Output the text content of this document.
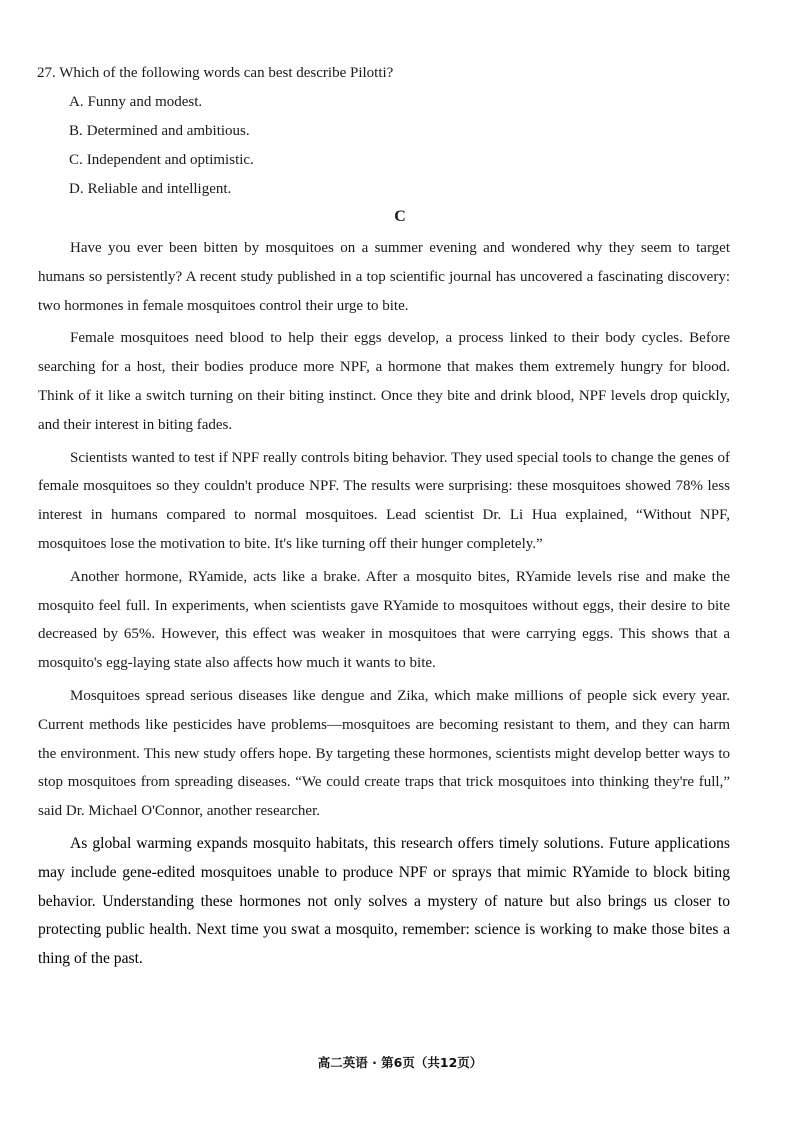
27. Which of the following words can best describe Pilotti?

A. Funny and modest.
B. Determined and ambitious.
C. Independent and optimistic.
D. Reliable and intelligent.
C

Have you ever been bitten by mosquitoes on a summer evening and wondered why they seem to target humans so persistently? A recent study published in a top scientific journal has uncovered a fascinating discovery: two hormones in female mosquitoes control their urge to bite.

Female mosquitoes need blood to help their eggs develop, a process linked to their body cycles. Before searching for a host, their bodies produce more NPF, a hormone that makes them extremely hungry for blood. Think of it like a switch turning on their biting instinct. Once they bite and drink blood, NPF levels drop quickly, and their interest in biting fades.

Scientists wanted to test if NPF really controls biting behavior. They used special tools to change the genes of female mosquitoes so they couldn't produce NPF. The results were surprising: these mosquitoes showed 78% less interest in humans compared to normal mosquitoes. Lead scientist Dr. Li Hua explained, “Without NPF, mosquitoes lose the motivation to bite. It's like turning off their hunger completely.”

Another hormone, RYamide, acts like a brake. After a mosquito bites, RYamide levels rise and make the mosquito feel full. In experiments, when scientists gave RYamide to mosquitoes without eggs, their desire to bite decreased by 65%. However, this effect was weaker in mosquitoes that were carrying eggs. This shows that a mosquito's egg-laying state also affects how much it wants to bite.

Mosquitoes spread serious diseases like dengue and Zika, which make millions of people sick every year. Current methods like pesticides have problems—mosquitoes are becoming resistant to them, and they can harm the environment. This new study offers hope. By targeting these hormones, scientists might develop better ways to stop mosquitoes from spreading diseases. “We could create traps that trick mosquitoes into thinking they're full,” said Dr. Michael O'Connor, another researcher.

As global warming expands mosquito habitats, this research offers timely solutions. Future applications may include gene-edited mosquitoes unable to produce NPF or sprays that mimic RYamide to block biting behavior. Understanding these hormones not only solves a mystery of nature but also brings us closer to protecting public health. Next time you swat a mosquito, remember: science is working to make those bites a thing of the past.

高二英语 · 第6页（共12页）
